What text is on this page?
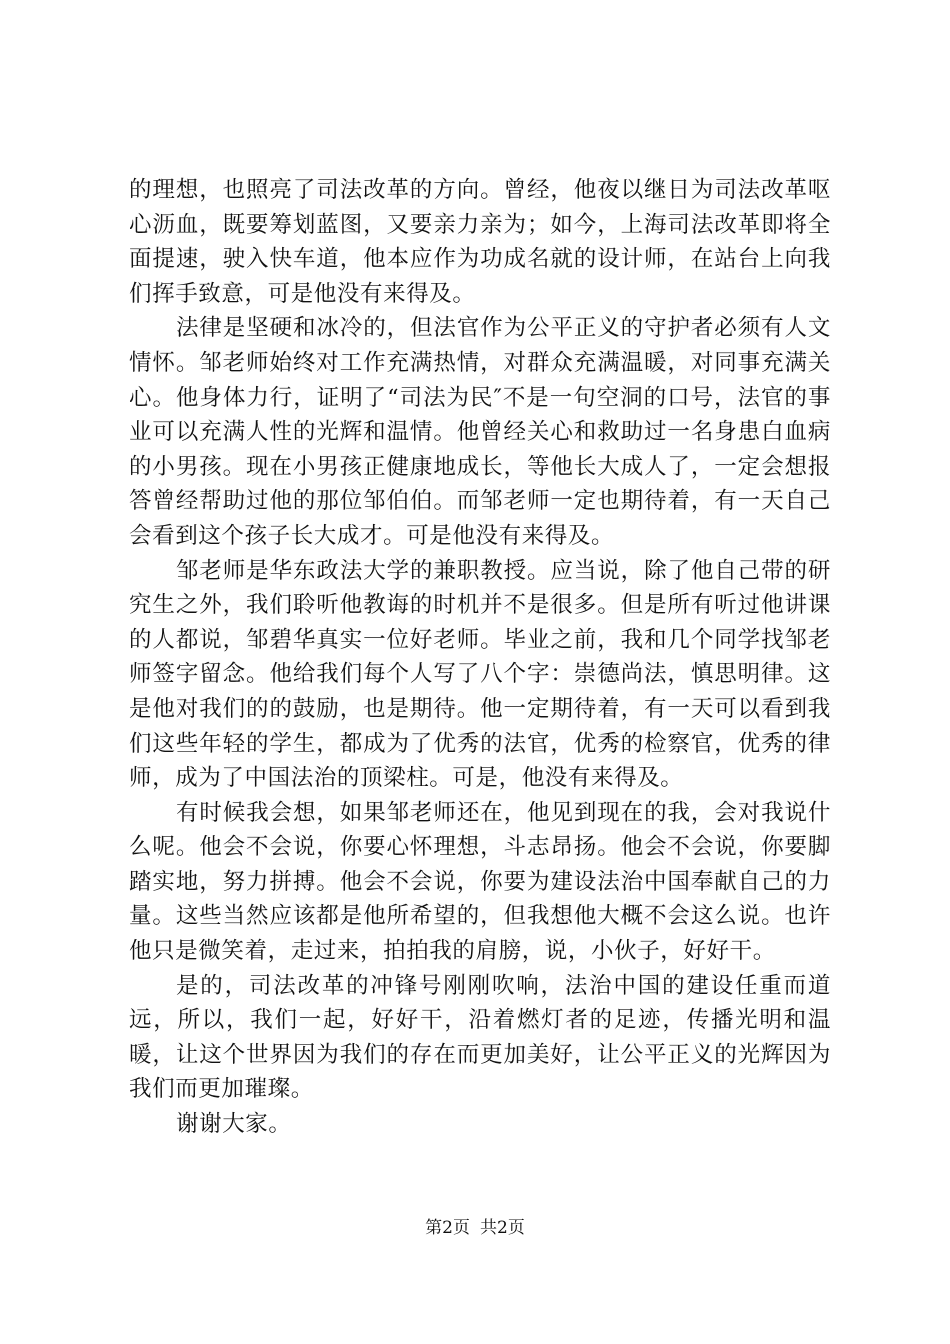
的理想，也照亮了司法改革的方向。曾经，他夜以继日为司法改革呕心沥血，既要筹划蓝图，又要亲力亲为；如今，上海司法改革即将全面提速，驶入快车道，他本应作为功成名就的设计师，在站台上向我们挥手致意，可是他没有来得及。

法律是坚硬和冰冷的，但法官作为公平正义的守护者必须有人文情怀。邹老师始终对工作充满热情，对群众充满温暖，对同事充满关心。他身体力行，证明了“司法为民″不是一句空洞的口号，法官的事业可以充满人性的光辉和温情。他曾经关心和救助过一名身患白血病的小男孩。现在小男孩正健康地成长，等他长大成人了，一定会想报答曾经帮助过他的那位邹伯伯。而邹老师一定也期待着，有一天自己会看到这个孩子长大成才。可是他没有来得及。

邹老师是华东政法大学的兼职教授。应当说，除了他自己带的研究生之外，我们聆听他教诲的时机并不是很多。但是所有听过他讲课的人都说，邹碧华真实一位好老师。毕业之前，我和几个同学找邹老师签字留念。他给我们每个人写了八个字：崇德尚法，慎思明律。这是他对我们的的鼓励，也是期待。他一定期待着，有一天可以看到我们这些年轻的学生，都成为了优秀的法官，优秀的检察官，优秀的律师，成为了中国法治的顶梁柱。可是，他没有来得及。

有时候我会想，如果邹老师还在，他见到现在的我，会对我说什么呢。他会不会说，你要心怀理想，斗志昂扬。他会不会说，你要脚踏实地，努力拼搏。他会不会说，你要为建设法治中国奉献自己的力量。这些当然应该都是他所希望的，但我想他大概不会这么说。也许他只是微笑着，走过来，拍拍我的肩膀，说，小伙子，好好干。

是的，司法改革的冲锋号刚刚吹响，法治中国的建设任重而道远，所以，我们一起，好好干，沿着燃灯者的足迹，传播光明和温暖，让这个世界因为我们的存在而更加美好，让公平正义的光辉因为我们而更加璀璨。

谢谢大家。

第2页 共2页
